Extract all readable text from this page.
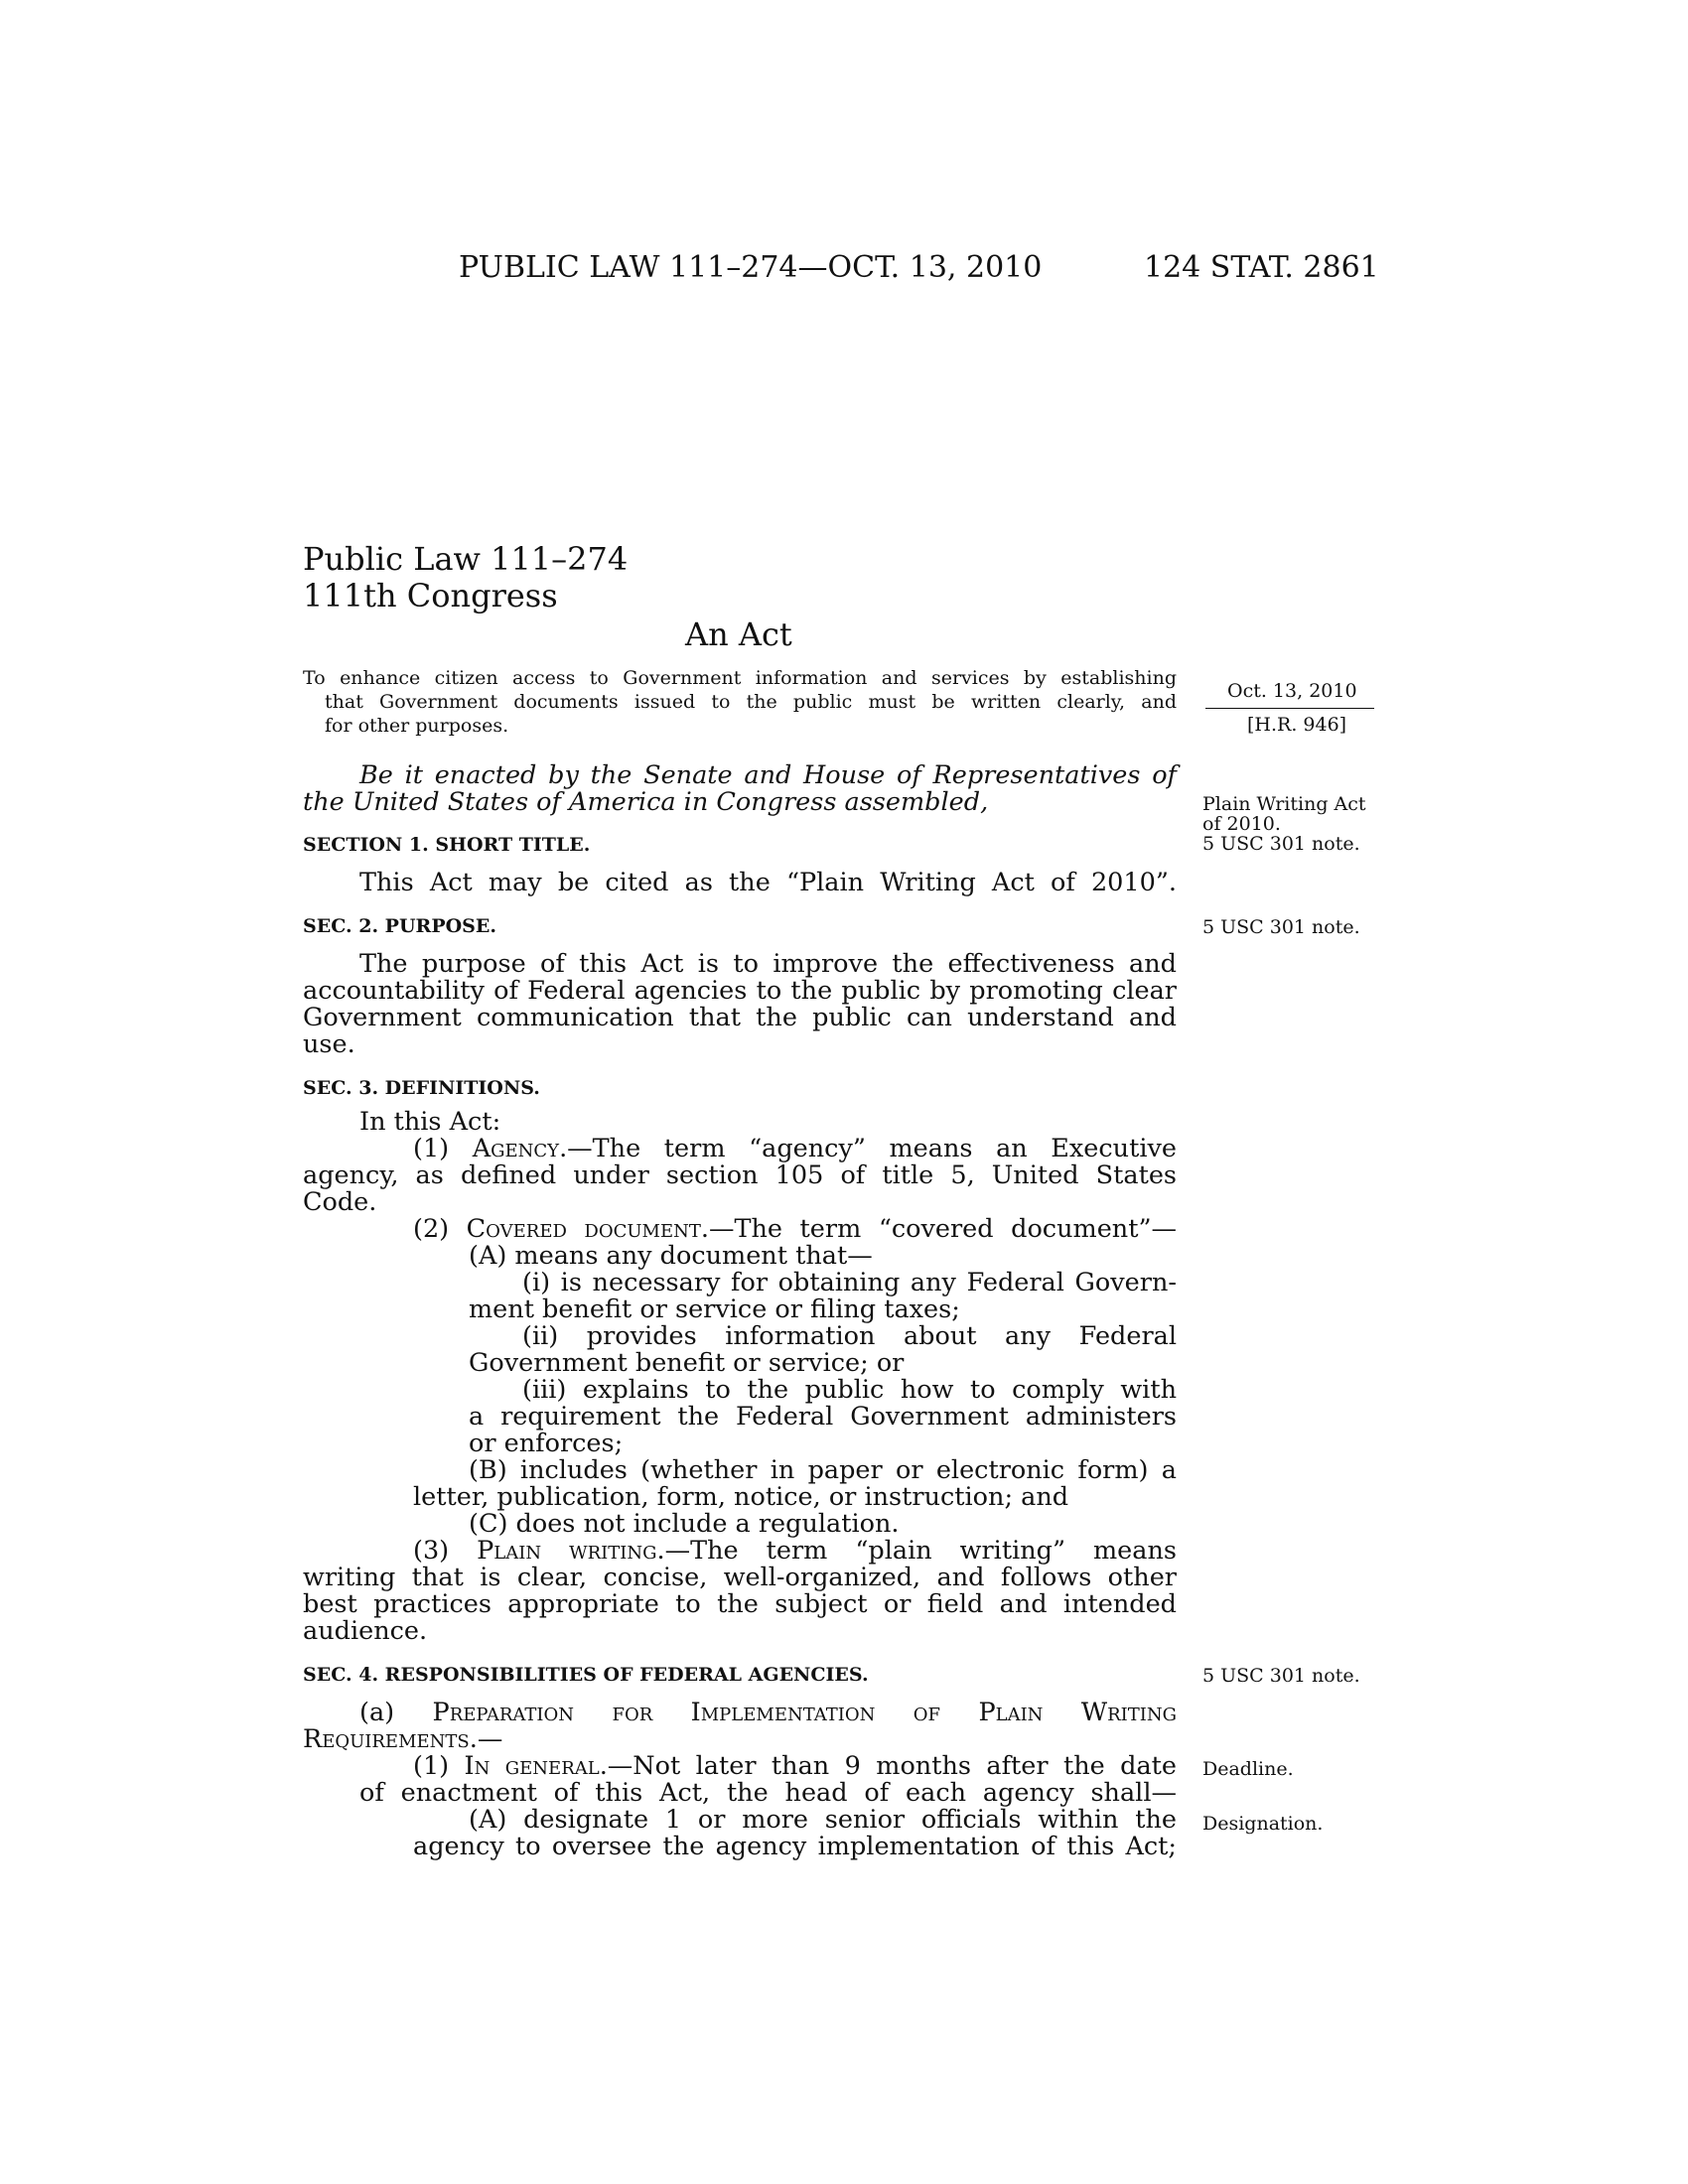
PUBLIC LAW 111–274—OCT. 13, 2010	124 STAT. 2861
Public Law 111–274
111th Congress
An Act
To enhance citizen access to Government information and services by establishing
that Government documents issued to the public must be written clearly, and
for other purposes.
Oct. 13, 2010
[H.R. 946]
Be it enacted by the Senate and House of Representatives of
the United States of America in Congress assembled,	Plain Writing Act
of 2010.
5 USC 301 note.
SECTION 1. SHORT TITLE.
This Act may be cited as the “Plain Writing Act of 2010”.
SEC. 2. PURPOSE.	5 USC 301 note.
The purpose of this Act is to improve the effectiveness and
accountability of Federal agencies to the public by promoting clear
Government communication that the public can understand and
use.
SEC. 3. DEFINITIONS.
In this Act:
(1) Agency.—The term “agency” means an Executive
agency, as defined under section 105 of title 5, United States
Code.
(2) Covered document.—The term “covered document”—
(A) means any document that—
(i) is necessary for obtaining any Federal Govern-
ment benefit or service or filing taxes;
(ii) provides information about any Federal
Government benefit or service; or
(iii) explains to the public how to comply with
a requirement the Federal Government administers
or enforces;
(B) includes (whether in paper or electronic form) a
letter, publication, form, notice, or instruction; and
(C) does not include a regulation.
(3) Plain writing.—The term “plain writing” means
writing that is clear, concise, well-organized, and follows other
best practices appropriate to the subject or field and intended
audience.
SEC. 4. RESPONSIBILITIES OF FEDERAL AGENCIES.	5 USC 301 note.
(a) Preparation for Implementation of Plain Writing
Requirements.—
(1) In general.—Not later than 9 months after the date Deadline.
of enactment of this Act, the head of each agency shall—
(A) designate 1 or more senior officials within the Designation.
agency to oversee the agency implementation of this Act;
